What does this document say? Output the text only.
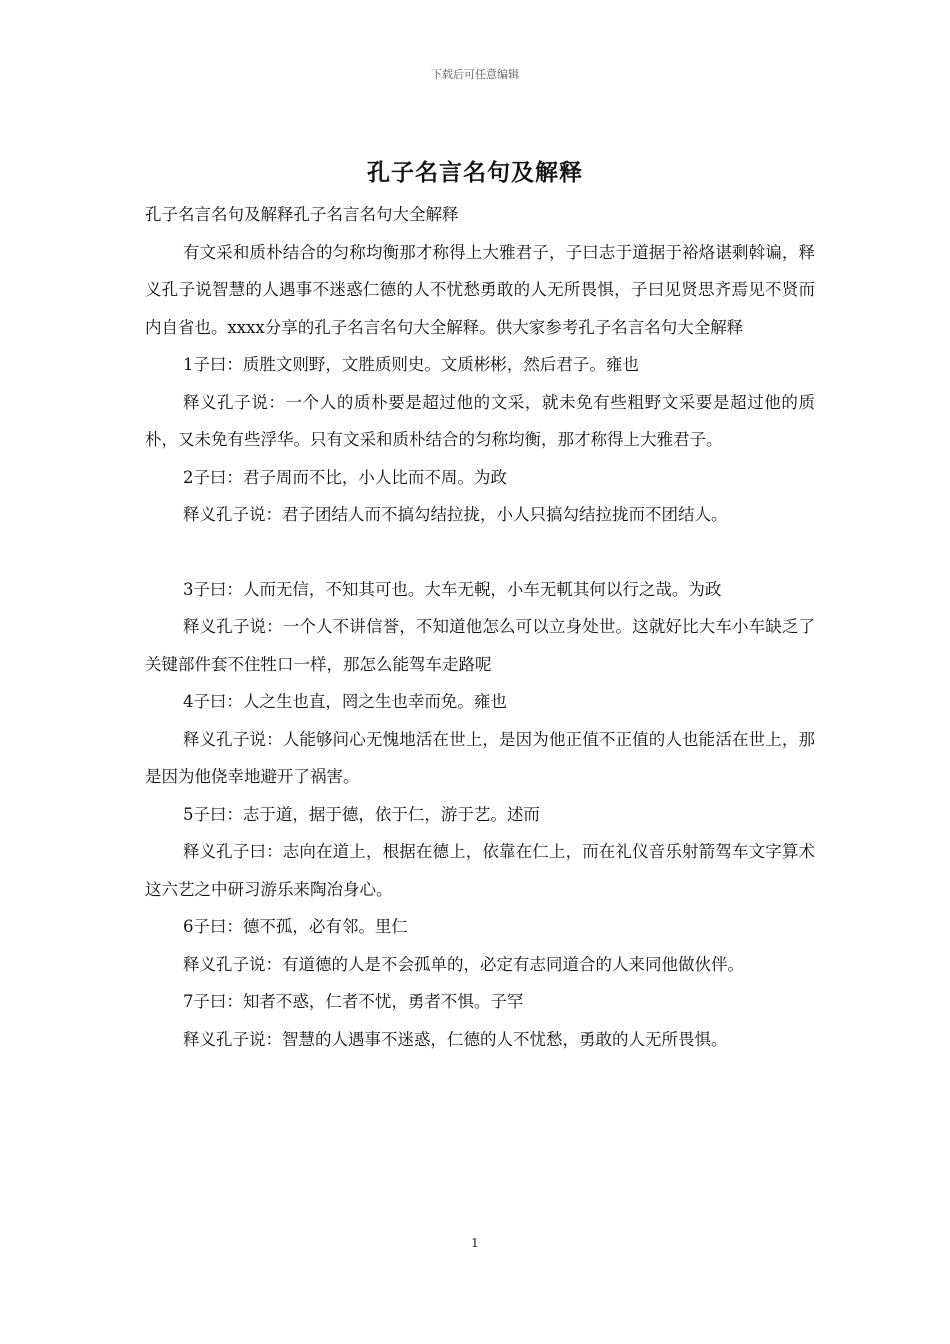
下载后可任意编辑
孔子名言名句及解释

孔子名言名句及解释孔子名言名句大全解释

有文采和质朴结合的匀称均衡那才称得上大雅君子，子曰志于道据于裕烙谌剩斡谝，释义孔子说智慧的人遇事不迷惑仁德的人不忧愁勇敢的人无所畏惧，子曰见贤思齐焉见不贤而内自省也。xxxx分享的孔子名言名句大全解释。供大家参考孔子名言名句大全解释

1子曰：质胜文则野，文胜质则史。文质彬彬，然后君子。雍也

释义孔子说：一个人的质朴要是超过他的文采，就未免有些粗野文采要是超过他的质朴，又未免有些浮华。只有文采和质朴结合的匀称均衡，那才称得上大雅君子。

2子曰：君子周而不比，小人比而不周。为政

释义孔子说：君子团结人而不搞勾结拉拢，小人只搞勾结拉拢而不团结人。

3子曰：人而无信，不知其可也。大车无輗，小车无軏其何以行之哉。为政

释义孔子说：一个人不讲信誉，不知道他怎么可以立身处世。这就好比大车小车缺乏了关键部件套不住牲口一样，那怎么能驾车走路呢

4子曰：人之生也直，罔之生也幸而免。雍也

释义孔子说：人能够问心无愧地活在世上，是因为他正值不正值的人也能活在世上，那是因为他侥幸地避开了祸害。

5子曰：志于道，据于德，依于仁，游于艺。述而

释义孔子曰：志向在道上，根据在德上，依靠在仁上，而在礼仪音乐射箭驾车文字算术这六艺之中研习游乐来陶冶身心。

6子曰：德不孤，必有邻。里仁

释义孔子说：有道德的人是不会孤单的，必定有志同道合的人来同他做伙伴。

7子曰：知者不惑，仁者不忧，勇者不惧。子罕

释义孔子说：智慧的人遇事不迷惑，仁德的人不忧愁，勇敢的人无所畏惧。

1
